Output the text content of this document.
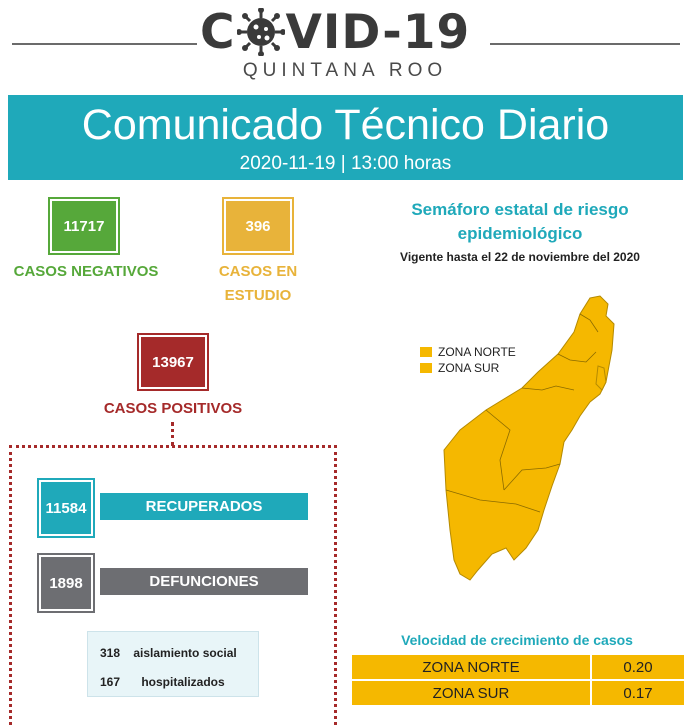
C VID-19
QUINTANA ROO
Comunicado Técnico Diario
2020-11-19 | 13:00 horas
11717
CASOS NEGATIVOS
396
CASOS EN
ESTUDIO
13967
CASOS POSITIVOS
11584	RECUPERADOS
1898	DEFUNCIONES
318 aislamiento social
167 hospitalizados
Semáforo estatal de riesgo
epidemiológico
Vigente hasta el 22 de noviembre del 2020
ZONA NORTE
ZONA SUR
Velocidad de crecimiento de casos
ZONA NORTE	0.20
ZONA SUR	0.17
